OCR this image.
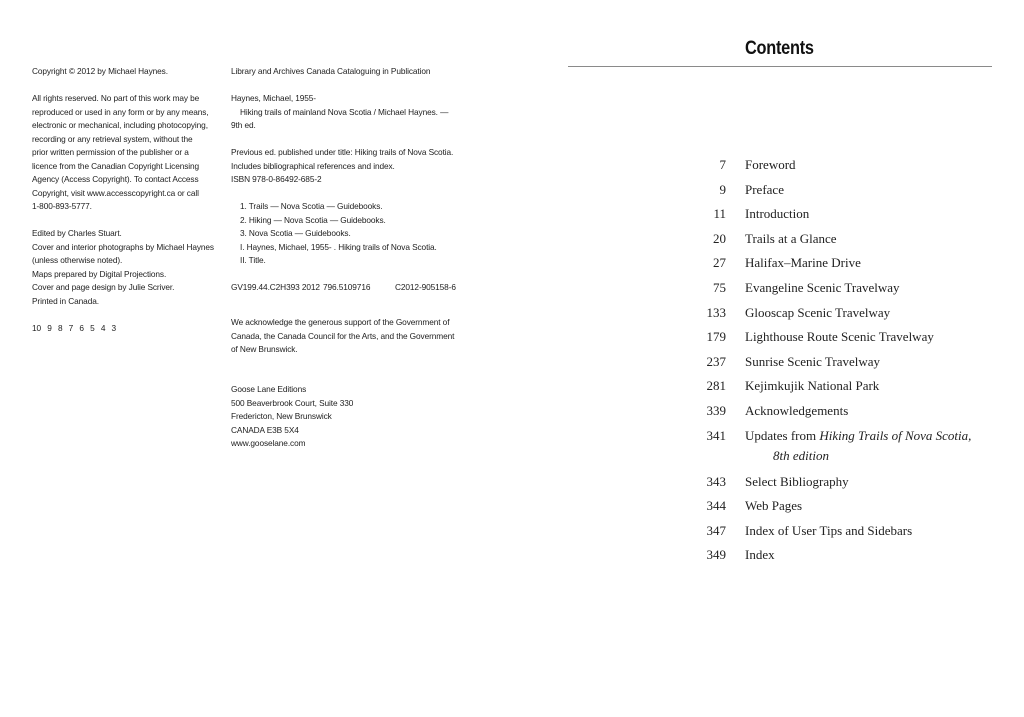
Copyright © 2012 by Michael Haynes.
All rights reserved. No part of this work may be
reproduced or used in any form or by any means,
electronic or mechanical, including photocopying,
recording or any retrieval system, without the
prior written permission of the publisher or a
licence from the Canadian Copyright Licensing
Agency (Access Copyright). To contact Access
Copyright, visit www.accesscopyright.ca or call
1-800-893-5777.
Edited by Charles Stuart.
Cover and interior photographs by Michael Haynes
(unless otherwise noted).
Maps prepared by Digital Projections.
Cover and page design by Julie Scriver.
Printed in Canada.
10 9 8 7 6 5 4 3
Library and Archives Canada Cataloguing in Publication
Haynes, Michael, 1955-
Hiking trails of mainland Nova Scotia / Michael Haynes. —
9th ed.
Previous ed. published under title: Hiking trails of Nova Scotia.
Includes bibliographical references and index.
ISBN 978-0-86492-685-2
1. Trails — Nova Scotia — Guidebooks.
2. Hiking — Nova Scotia — Guidebooks.
3. Nova Scotia — Guidebooks.
I. Haynes, Michael, 1955- . Hiking trails of Nova Scotia.
II. Title.
GV199.44.C2H393 2012 796.5109716	C2012-905158-6
We acknowledge the generous support of the Government of
Canada, the Canada Council for the Arts, and the Government
of New Brunswick.
Goose Lane Editions
500 Beaverbrook Court, Suite 330
Fredericton, New Brunswick
CANADA E3B 5X4
www.gooselane.com
Contents
7 Foreword
9 Preface
11 Introduction
20 Trails at a Glance
27 Halifax–Marine Drive
75 Evangeline Scenic Travelway
133 Glooscap Scenic Travelway
179 Lighthouse Route Scenic Travelway
237 Sunrise Scenic Travelway
281 Kejimkujik National Park
339 Acknowledgements
341 Updates from Hiking Trails of Nova Scotia,
8th edition
343 Select Bibliography
344 Web Pages
347 Index of User Tips and Sidebars
349 Index
